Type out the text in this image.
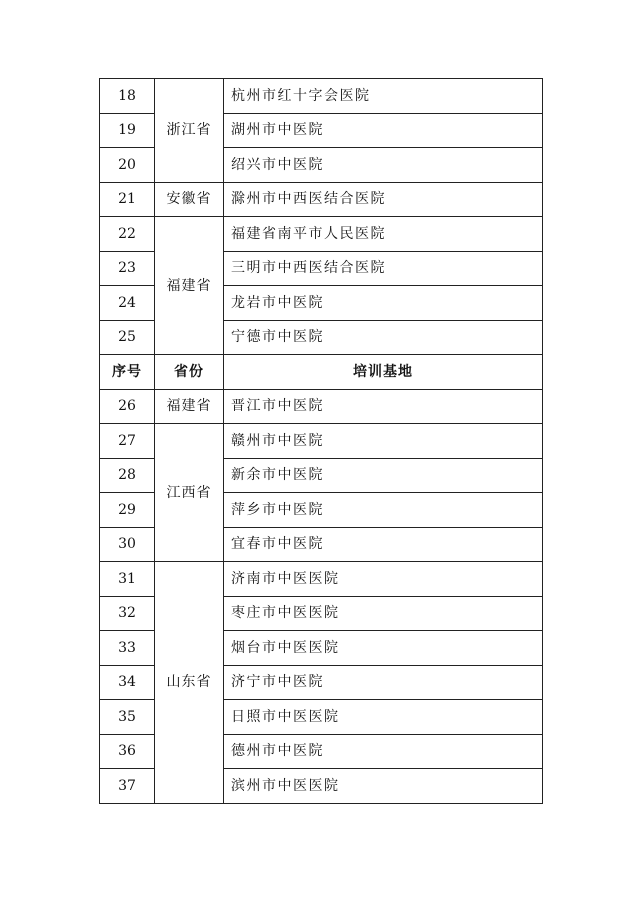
18	浙江省	杭州市红十字会医院
19		湖州市中医院
20		绍兴市中医院
21	安徽省	滁州市中西医结合医院
22	福建省	福建省南平市人民医院
23		三明市中西医结合医院
24		龙岩市中医院
25		宁德市中医院
序号	省份	培训基地
26	福建省	晋江市中医院
27	江西省	赣州市中医院
28		新余市中医院
29		萍乡市中医院
30		宜春市中医院
31	山东省	济南市中医医院
32		枣庄市中医医院
33		烟台市中医医院
34		济宁市中医院
35		日照市中医医院
36		德州市中医院
37		滨州市中医医院
